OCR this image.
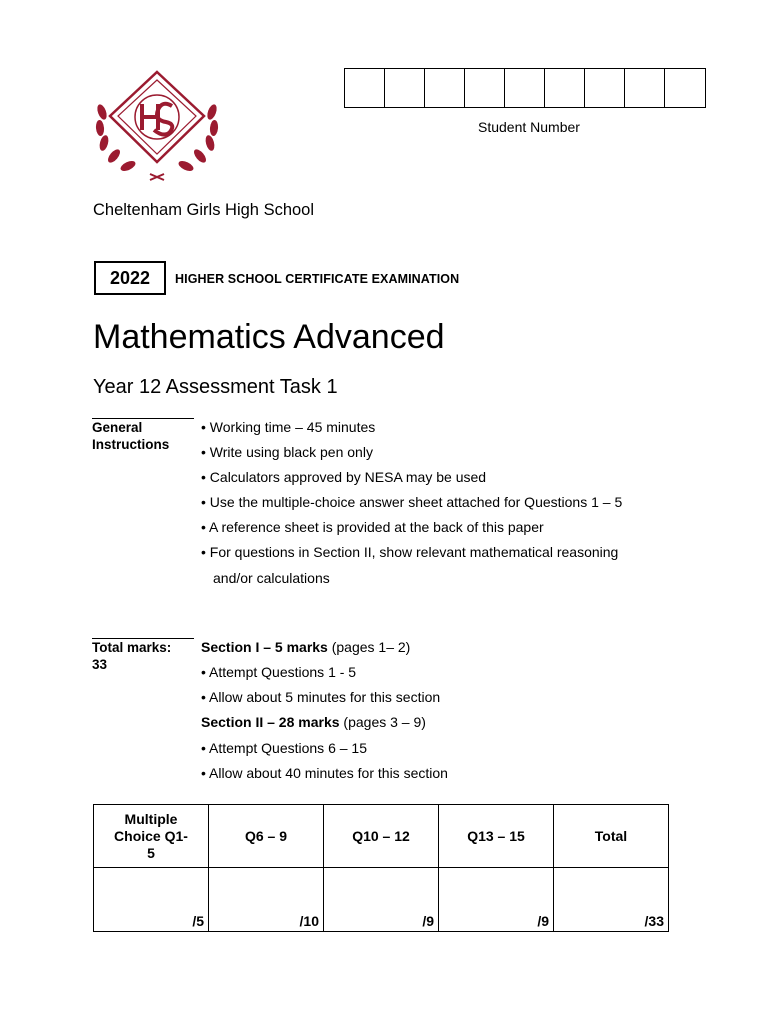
Student Number
Cheltenham Girls High School
2022	HIGHER SCHOOL CERTIFICATE EXAMINATION
Mathematics Advanced
Year 12 Assessment Task 1
General Instructions
• Working time – 45 minutes
• Write using black pen only
• Calculators approved by NESA may be used
• Use the multiple-choice answer sheet attached for Questions 1 – 5
• A reference sheet is provided at the back of this paper
• For questions in Section II, show relevant mathematical reasoning
and/or calculations
Total marks:
33
Section I – 5 marks (pages 1– 2)
• Attempt Questions 1 - 5
• Allow about 5 minutes for this section
Section II – 28 marks (pages 3 – 9)
• Attempt Questions 6 – 15
• Allow about 40 minutes for this section
Multiple Choice Q1-5	Q6 – 9	Q10 – 12	Q13 – 15	Total
/5	/10	/9	/9	/33
